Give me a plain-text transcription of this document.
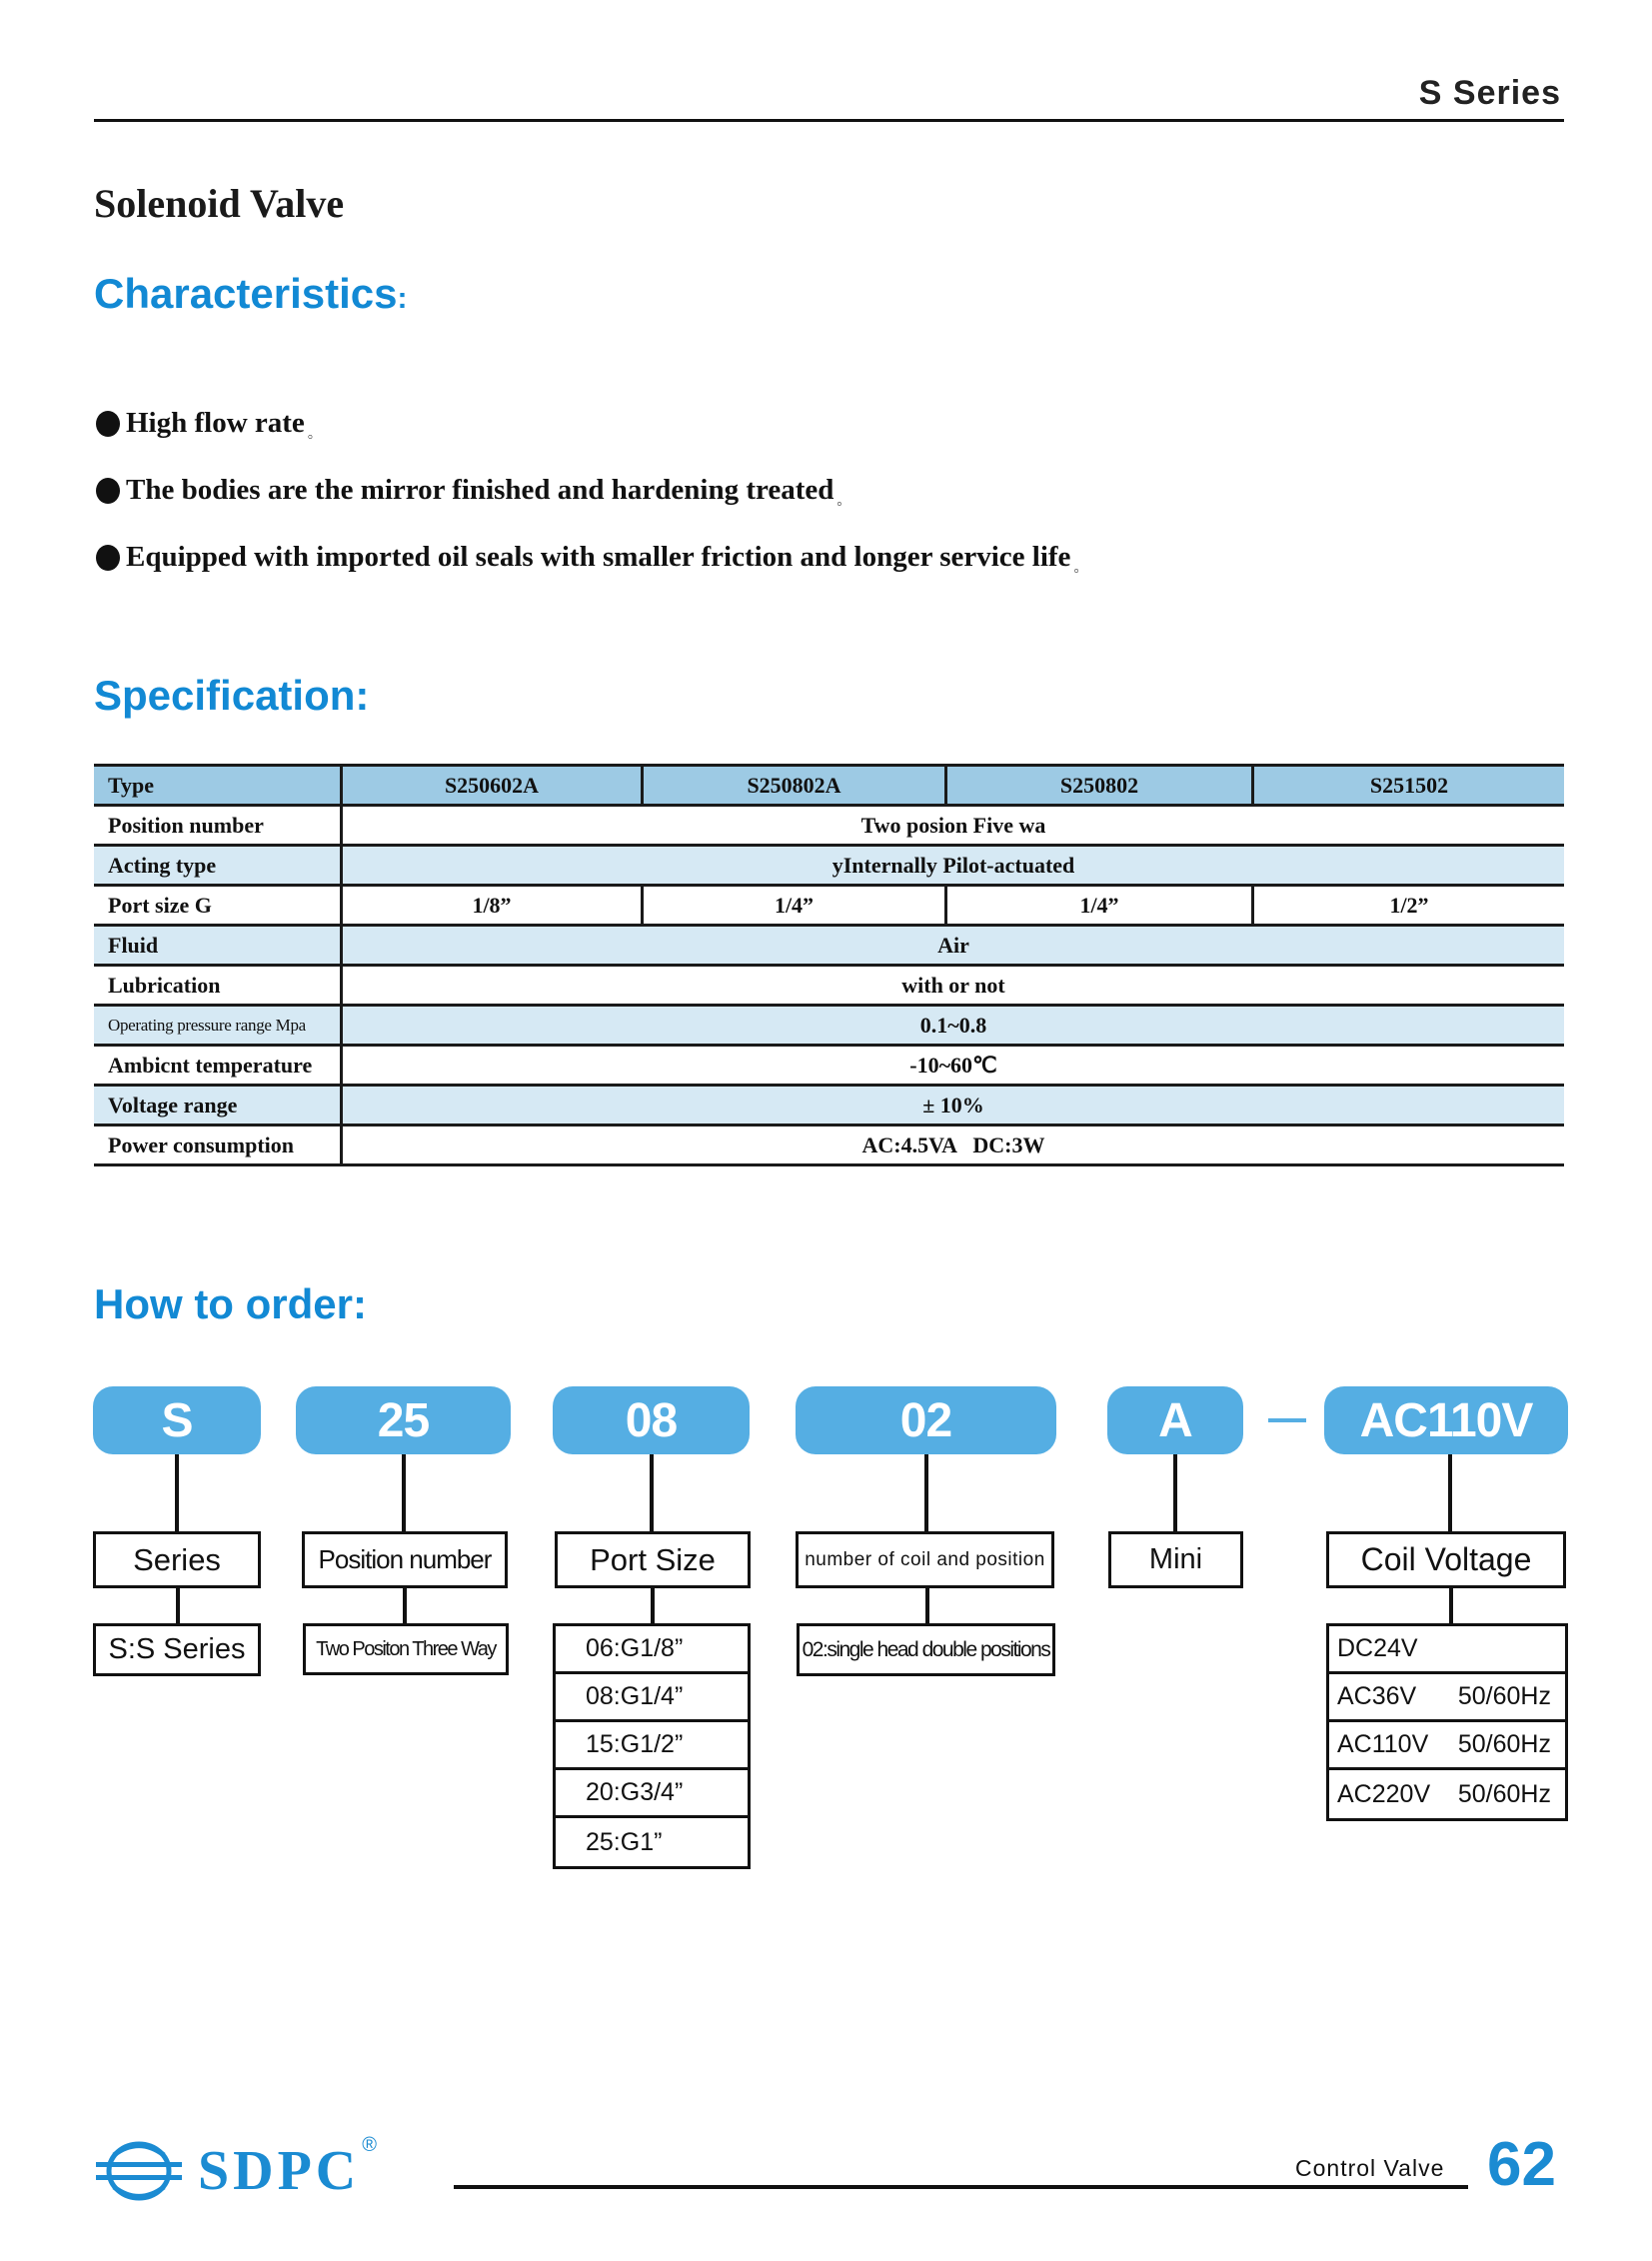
S Series
Solenoid Valve
Characteristics:
High flow rate 。
The bodies are the mirror finished and hardening treated 。
Equipped with imported oil seals with smaller friction and longer service life 。
Specification:
Type	S250602A	S250802A	S250802	S251502
Position number	Two posion Five wa			
Acting type	yInternally Pilot-actuated			
Port size G	1/8”	1/4”	1/4”	1/2”
Fluid	Air			
Lubrication	with or not			
Operating pressure range Mpa	0.1~0.8			
Ambicnt temperature	-10~60℃			
Voltage range	± 10%			
Power consumption	AC:4.5VA   DC:3W			
How to order:
S
Series
S:S Series
25
Position number
Two Positon Three Way
08
Port Size
06:G1/8”
08:G1/4”
15:G1/2”
20:G3/4”
25:G1”
02
number of coil and position
02:single head double positions
A
Mini
AC110V
Coil Voltage
DC24V
AC36V 50/60Hz
AC110V 50/60Hz
AC220V 50/60Hz
SDPC ®
Control Valve 62
